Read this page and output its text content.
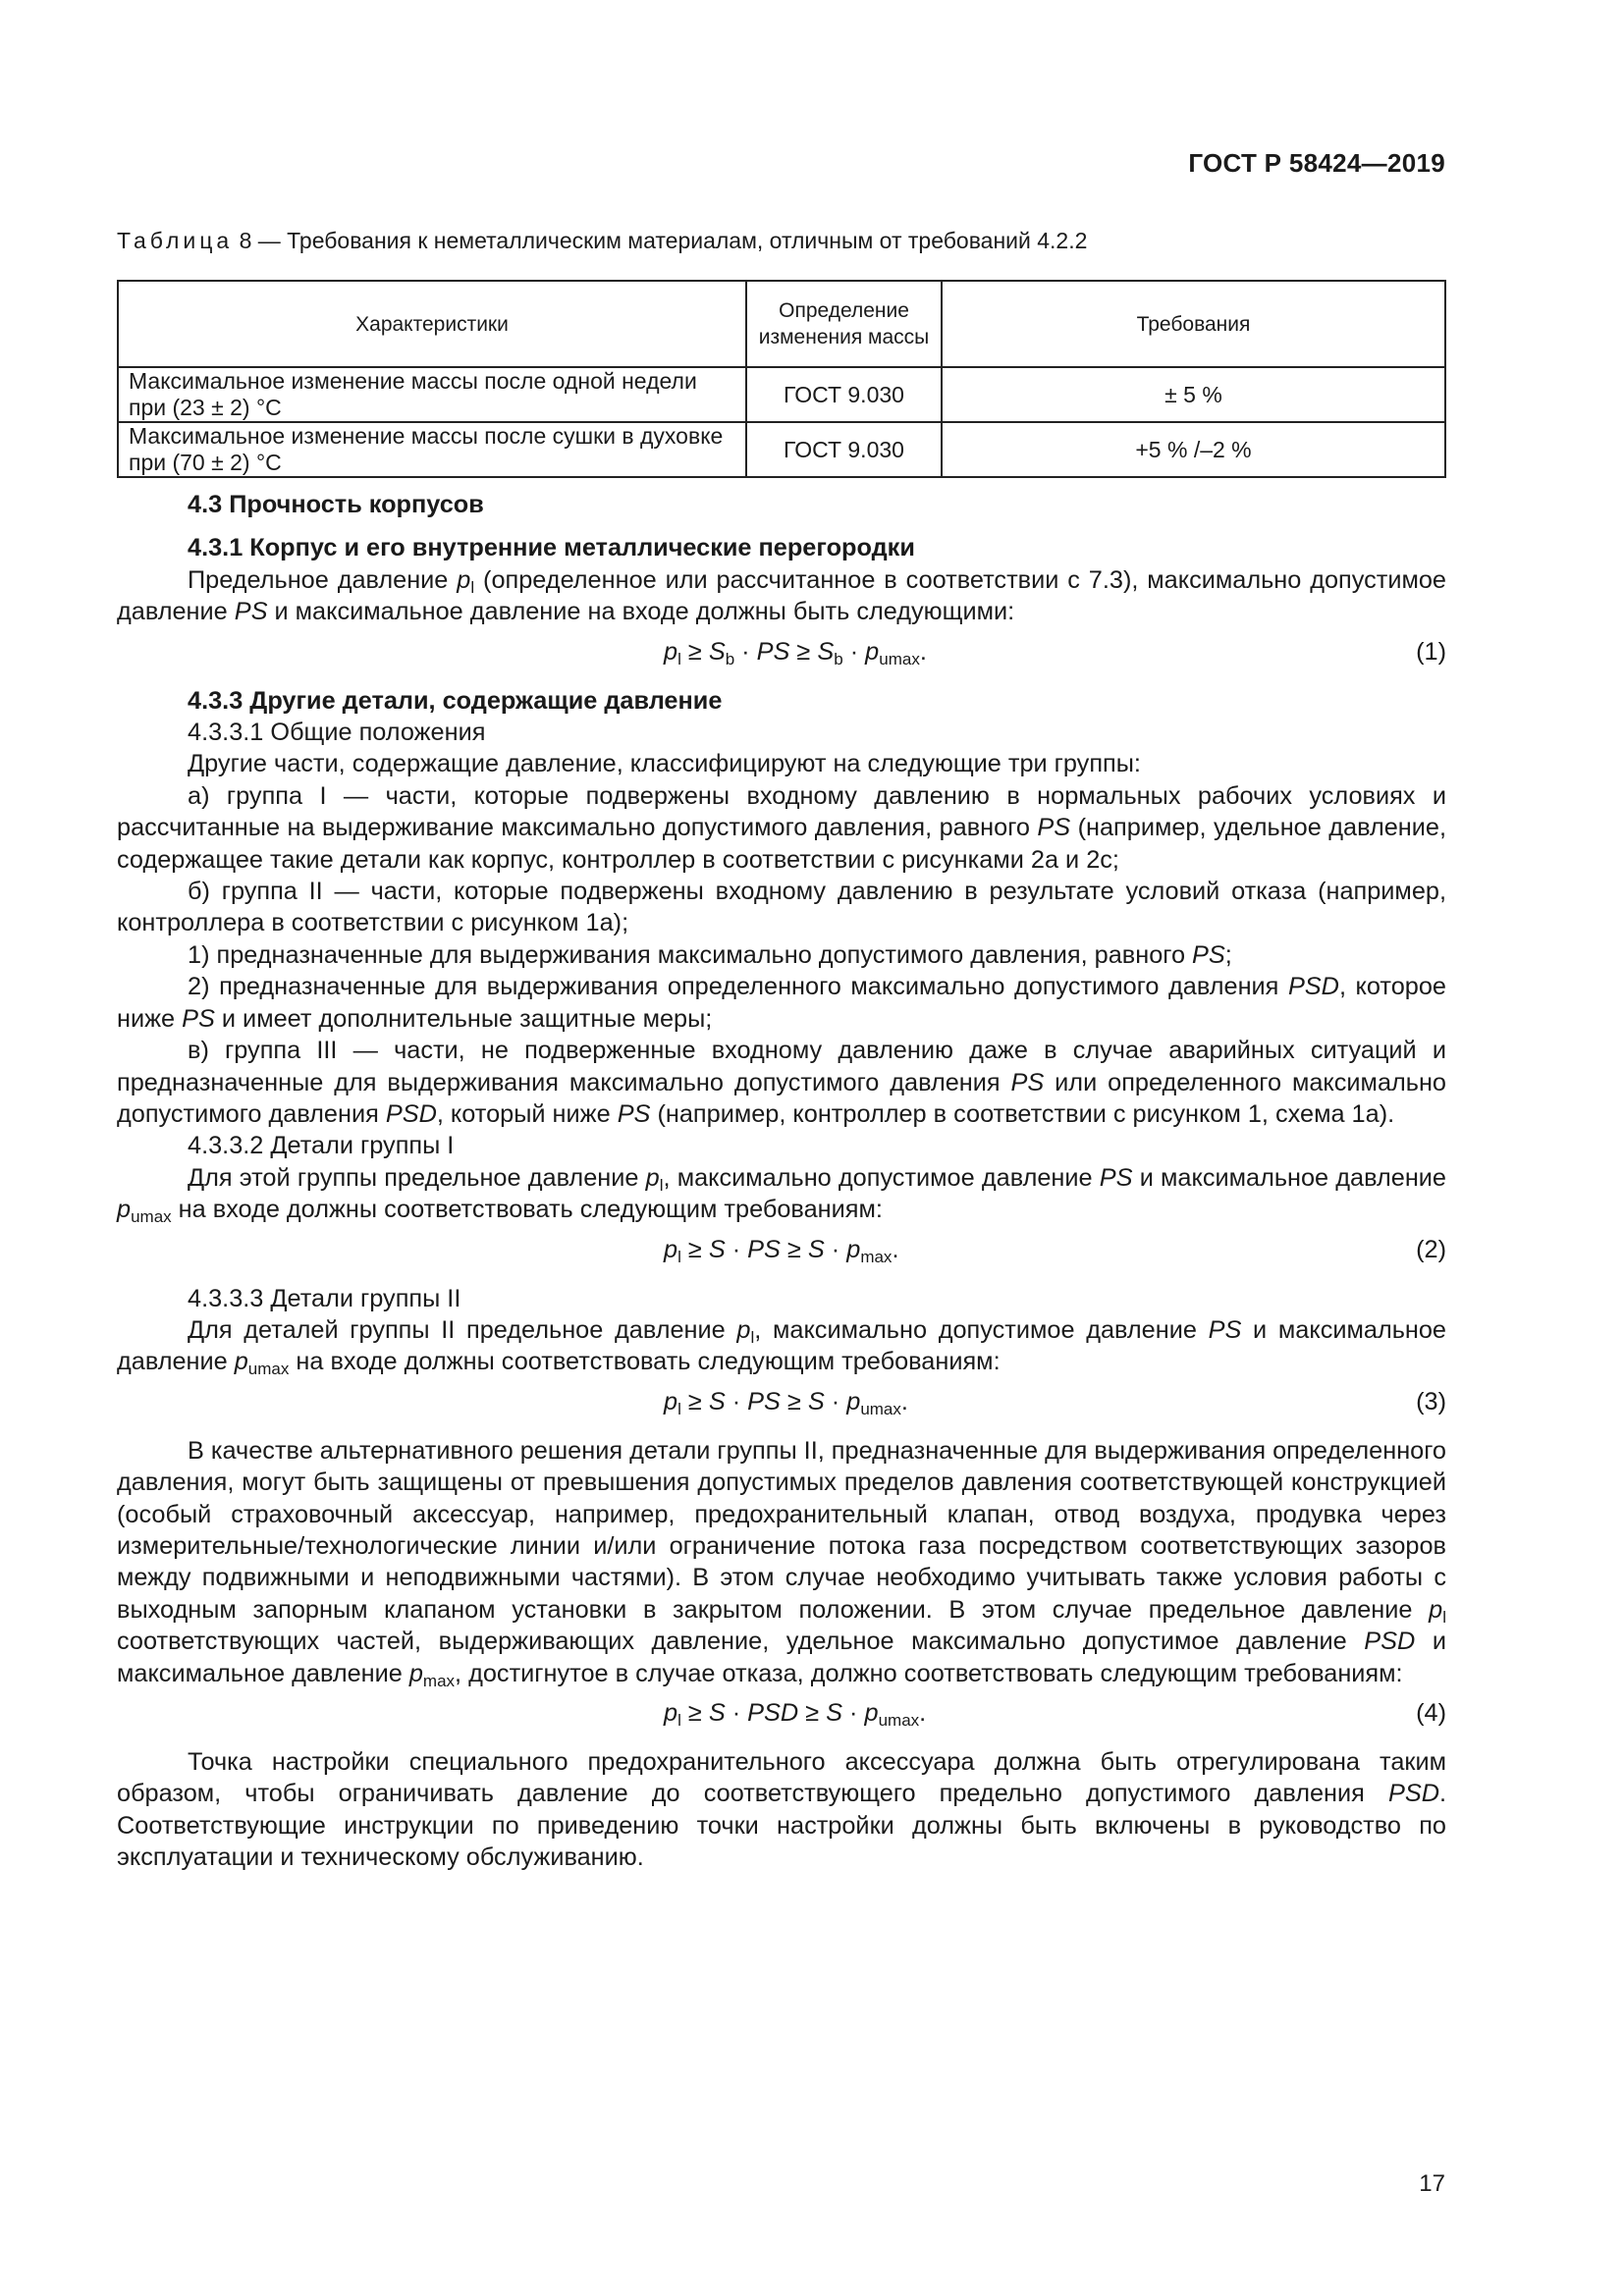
ГОСТ Р 58424—2019
Таблица 8 — Требования к неметаллическим материалам, отличным от требований 4.2.2
Характеристики	Определение изменения массы	Требования
Максимальное изменение массы после одной недели при (23 ± 2) °C	ГОСТ 9.030	± 5 %
Максимальное изменение массы после сушки в духовке при (70 ± 2) °C	ГОСТ 9.030	+5 % /–2 %

4.3 Прочность корпусов

4.3.1 Корпус и его внутренние металлические перегородки

Предельное давление $p_l$ (определенное или рассчитанное в соответствии с 7.3), максимально допустимое давление PS и максимальное давление на входе должны быть следующими:

$p_l \ge S_b$ · PS ≥ $S_b \cdot p_{umax}$.	(1)

4.3.3 Другие детали, содержащие давление

4.3.3.1 Общие положения

Другие части, содержащие давление, классифицируют на следующие три группы:

а) группа I — части, которые подвержены входному давлению в нормальных рабочих условиях и рассчитанные на выдерживание максимально допустимого давления, равного PS (например, удельное давление, содержащее такие детали как корпус, контроллер в соответствии с рисунками 2а и 2с;

б) группа II — части, которые подвержены входному давлению в результате условий отказа (например, контроллера в соответствии с рисунком 1а);

1) предназначенные для выдерживания максимально допустимого давления, равного PS;

2) предназначенные для выдерживания определенного максимально допустимого давления PSD, которое ниже PS и имеет дополнительные защитные меры;

в) группа III — части, не подверженные входному давлению даже в случае аварийных ситуаций и предназначенные для выдерживания максимально допустимого давления PS или определенного максимально допустимого давления PSD, который ниже PS (например, контроллер в соответствии с рисунком 1, схема 1а).

4.3.3.2 Детали группы I

Для этой группы предельное давление $p_l$, максимально допустимое давление PS и максимальное давление $p_{umax}$ на входе должны соответствовать следующим требованиям:

$p_l \ge S$ · PS ≥ $S \cdot p_{max}$.	(2)

4.3.3.3 Детали группы II

Для деталей группы II предельное давление $p_l$, максимально допустимое давление PS и максимальное давление $p_{umax}$ на входе должны соответствовать следующим требованиям:

$p_l \ge S$ · PS ≥ $S \cdot p_{umax}$.	(3)

В качестве альтернативного решения детали группы II, предназначенные для выдерживания определенного давления, могут быть защищены от превышения допустимых пределов давления соответствующей конструкцией (особый страховочный аксессуар, например, предохранительный клапан, отвод воздуха, продувка через измерительные/технологические линии и/или ограничение потока газа посредством соответствующих зазоров между подвижными и неподвижными частями). В этом случае необходимо учитывать также условия работы с выходным запорным клапаном установки в закрытом положении. В этом случае предельное давление $p_l$ соответствующих частей, выдерживающих давление, удельное максимально допустимое давление PSD и максимальное давление $p_{max}$, достигнутое в случае отказа, должно соответствовать следующим требованиям:

$p_l \ge S$ · PSD ≥ $S \cdot p_{umax}$.	(4)

Точка настройки специального предохранительного аксессуара должна быть отрегулирована таким образом, чтобы ограничивать давление до соответствующего предельно допустимого давления PSD. Соответствующие инструкции по приведению точки настройки должны быть включены в руководство по эксплуатации и техническому обслуживанию.

17
